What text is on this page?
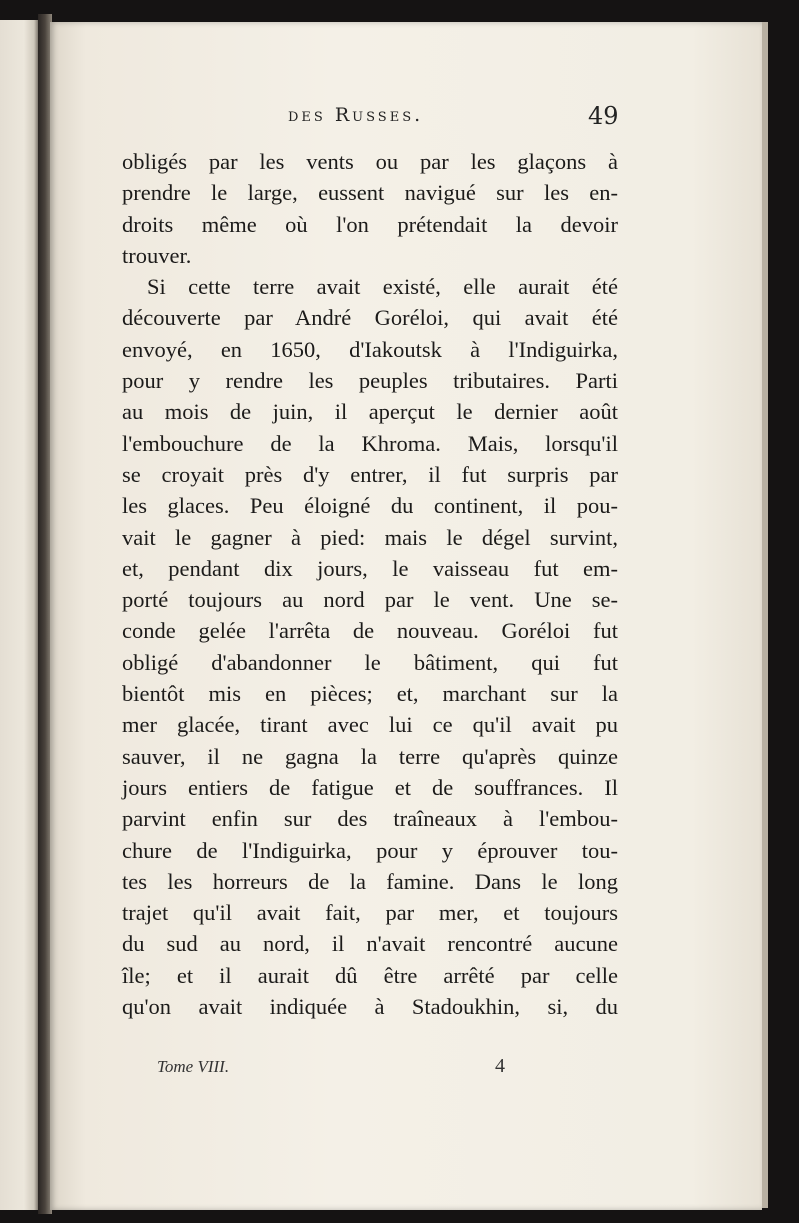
des Russes.	49
obligés par les vents ou par les glaçons à
prendre le large, eussent navigué sur les en-
droits même où l'on prétendait la devoir
trouver.
Si cette terre avait existé, elle aurait été
découverte par André Goréloi, qui avait été
envoyé, en 1650, d'Iakoutsk à l'Indiguirka,
pour y rendre les peuples tributaires. Parti
au mois de juin, il aperçut le dernier août
l'embouchure de la Khroma. Mais, lorsqu'il
se croyait près d'y entrer, il fut surpris par
les glaces. Peu éloigné du continent, il pou-
vait le gagner à pied: mais le dégel survint,
et, pendant dix jours, le vaisseau fut em-
porté toujours au nord par le vent. Une se-
conde gelée l'arrêta de nouveau. Goréloi fut
obligé d'abandonner le bâtiment, qui fut
bientôt mis en pièces; et, marchant sur la
mer glacée, tirant avec lui ce qu'il avait pu
sauver, il ne gagna la terre qu'après quinze
jours entiers de fatigue et de souffrances. Il
parvint enfin sur des traîneaux à l'embou-
chure de l'Indiguirka, pour y éprouver tou-
tes les horreurs de la famine. Dans le long
trajet qu'il avait fait, par mer, et toujours
du sud au nord, il n'avait rencontré aucune
île; et il aurait dû être arrêté par celle
qu'on avait indiquée à Stadoukhin, si, du
Tome VIII.	4
